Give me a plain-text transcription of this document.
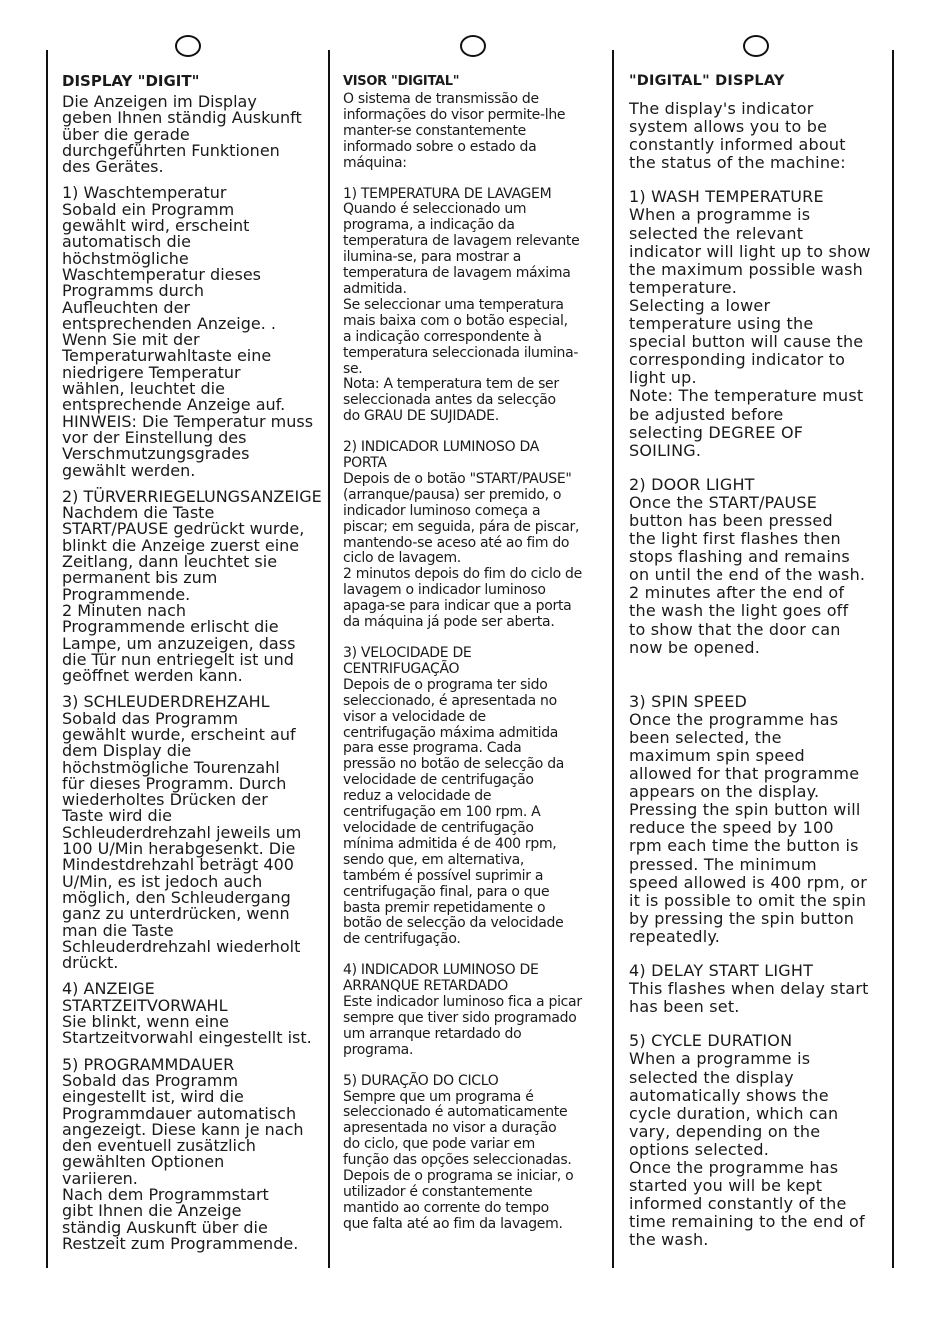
DISPLAY "DIGIT"

Die Anzeigen im Display
geben Ihnen ständig Auskunft
über die gerade
durchgeführten Funktionen
des Gerätes.

1) Waschtemperatur
Sobald ein Programm
gewählt wird, erscheint
automatisch die
höchstmögliche
Waschtemperatur dieses
Programms durch
Aufleuchten der
entsprechenden Anzeige. .
Wenn Sie mit der
Temperaturwahltaste eine
niedrigere Temperatur
wählen, leuchtet die
entsprechende Anzeige auf.
HINWEIS: Die Temperatur muss
vor der Einstellung des
Verschmutzungsgrades
gewählt werden.

2) TÜRVERRIEGELUNGSANZEIGE
Nachdem die Taste
START/PAUSE gedrückt wurde,
blinkt die Anzeige zuerst eine
Zeitlang, dann leuchtet sie
permanent bis zum
Programmende.
2 Minuten nach
Programmende erlischt die
Lampe, um anzuzeigen, dass
die Tür nun entriegelt ist und
geöffnet werden kann.

3) SCHLEUDERDREHZAHL
Sobald das Programm
gewählt wurde, erscheint auf
dem Display die
höchstmögliche Tourenzahl
für dieses Programm. Durch
wiederholtes Drücken der
Taste wird die
Schleuderdrehzahl jeweils um
100 U/Min herabgesenkt. Die
Mindestdrehzahl beträgt 400
U/Min, es ist jedoch auch
möglich, den Schleudergang
ganz zu unterdrücken, wenn
man die Taste
Schleuderdrehzahl wiederholt
drückt.

4) ANZEIGE
STARTZEITVORWAHL
Sie blinkt, wenn eine
Startzeitvorwahl eingestellt ist.

5) PROGRAMMDAUER
Sobald das Programm
eingestellt ist, wird die
Programmdauer automatisch
angezeigt. Diese kann je nach
den eventuell zusätzlich
gewählten Optionen
variieren.
Nach dem Programmstart
gibt Ihnen die Anzeige
ständig Auskunft über die
Restzeit zum Programmende.

VISOR "DIGITAL"

O sistema de transmissão de
informações do visor permite-lhe
manter-se constantemente
informado sobre o estado da
máquina:

1) TEMPERATURA DE LAVAGEM
Quando é seleccionado um
programa, a indicação da
temperatura de lavagem relevante
ilumina-se, para mostrar a
temperatura de lavagem máxima
admitida.
Se seleccionar uma temperatura
mais baixa com o botão especial,
a indicação correspondente à
temperatura seleccionada ilumina-
se.
Nota: A temperatura tem de ser
seleccionada antes da selecção
do GRAU DE SUJIDADE.

2) INDICADOR LUMINOSO DA
PORTA
Depois de o botão "START/PAUSE"
(arranque/pausa) ser premido, o
indicador luminoso começa a
piscar; em seguida, pára de piscar,
mantendo-se aceso até ao fim do
ciclo de lavagem.
2 minutos depois do fim do ciclo de
lavagem o indicador luminoso
apaga-se para indicar que a porta
da máquina já pode ser aberta.

3) VELOCIDADE DE
CENTRIFUGAÇÃO
Depois de o programa ter sido
seleccionado, é apresentada no
visor a velocidade de
centrifugação máxima admitida
para esse programa. Cada
pressão no botão de selecção da
velocidade de centrifugação
reduz a velocidade de
centrifugação em 100 rpm. A
velocidade de centrifugação
mínima admitida é de 400 rpm,
sendo que, em alternativa,
também é possível suprimir a
centrifugação final, para o que
basta premir repetidamente o
botão de selecção da velocidade
de centrifugação.

4) INDICADOR LUMINOSO DE
ARRANQUE RETARDADO
Este indicador luminoso fica a picar
sempre que tiver sido programado
um arranque retardado do
programa.

5) DURAÇÃO DO CICLO
Sempre que um programa é
seleccionado é automaticamente
apresentada no visor a duração
do ciclo, que pode variar em
função das opções seleccionadas.
Depois de o programa se iniciar, o
utilizador é constantemente
mantido ao corrente do tempo
que falta até ao fim da lavagem.

"DIGITAL" DISPLAY

The display's indicator
system allows you to be
constantly informed about
the status of the machine:

1) WASH TEMPERATURE
When a programme is
selected the relevant
indicator will light up to show
the maximum possible wash
temperature.
Selecting a lower
temperature using the
special button will cause the
corresponding indicator to
light up.
Note: The temperature must
be adjusted before
selecting DEGREE OF
SOILING.

2) DOOR LIGHT
Once the START/PAUSE
button has been pressed
the light first flashes then
stops flashing and remains
on until the end of the wash.
2 minutes after the end of
the wash the light goes off
to show that the door can
now be opened.

3) SPIN SPEED
Once the programme has
been selected, the
maximum spin speed
allowed for that programme
appears on the display.
Pressing the spin button will
reduce the speed by 100
rpm each time the button is
pressed. The minimum
speed allowed is 400 rpm, or
it is possible to omit the spin
by pressing the spin button
repeatedly.

4) DELAY START LIGHT
This flashes when delay start
has been set.

5) CYCLE DURATION
When a programme is
selected the display
automatically shows the
cycle duration, which can
vary, depending on the
options selected.
Once the programme has
started you will be kept
informed constantly of the
time remaining to the end of
the wash.
